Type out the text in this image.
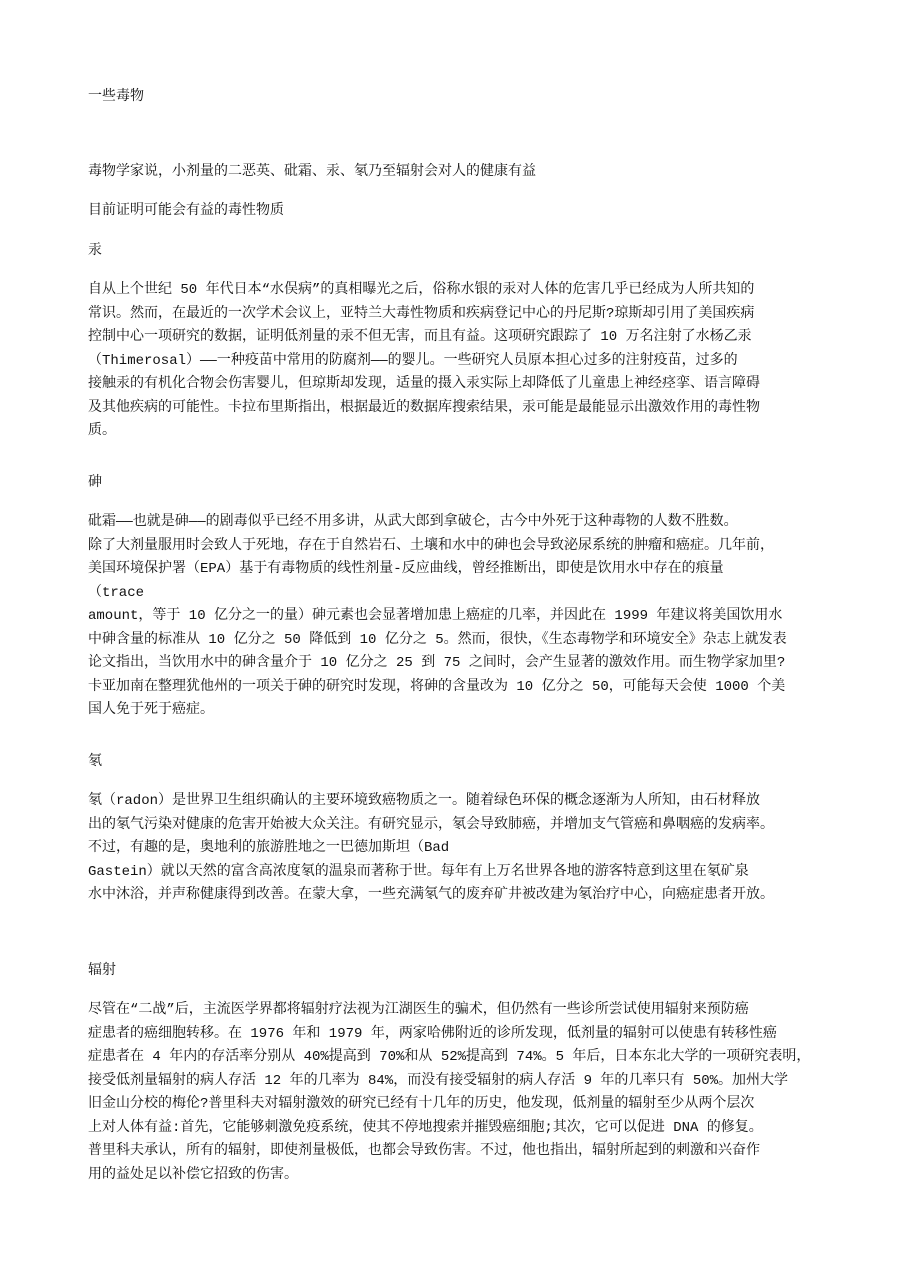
一些毒物
毒物学家说，小剂量的二恶英、砒霜、汞、氡乃至辐射会对人的健康有益
目前证明可能会有益的毒性物质
汞
自从上个世纪 50 年代日本“水俣病”的真相曝光之后，俗称水银的汞对人体的危害几乎已经成为人所共知的
常识。然而，在最近的一次学术会议上，亚特兰大毒性物质和疾病登记中心的丹尼斯?琼斯却引用了美国疾病
控制中心一项研究的数据，证明低剂量的汞不但无害，而且有益。这项研究跟踪了 10 万名注射了水杨乙汞
（Thimerosal）——一种疫苗中常用的防腐剂——的婴儿。一些研究人员原本担心过多的注射疫苗，过多的
接触汞的有机化合物会伤害婴儿，但琼斯却发现，适量的摄入汞实际上却降低了儿童患上神经痉挛、语言障碍
及其他疾病的可能性。卡拉布里斯指出，根据最近的数据库搜索结果，汞可能是最能显示出激效作用的毒性物
质。
砷
砒霜——也就是砷——的剧毒似乎已经不用多讲，从武大郎到拿破仑，古今中外死于这种毒物的人数不胜数。
除了大剂量服用时会致人于死地，存在于自然岩石、土壤和水中的砷也会导致泌尿系统的肿瘤和癌症。几年前，
美国环境保护署（EPA）基于有毒物质的线性剂量-反应曲线，曾经推断出，即使是饮用水中存在的痕量
（trace
amount，等于 10 亿分之一的量）砷元素也会显著增加患上癌症的几率，并因此在 1999 年建议将美国饮用水
中砷含量的标准从 10 亿分之 50 降低到 10 亿分之 5。然而，很快，《生态毒物学和环境安全》杂志上就发表
论文指出，当饮用水中的砷含量介于 10 亿分之 25 到 75 之间时，会产生显著的激效作用。而生物学家加里?
卡亚加南在整理犹他州的一项关于砷的研究时发现，将砷的含量改为 10 亿分之 50，可能每天会使 1000 个美
国人免于死于癌症。
氡
氡（radon）是世界卫生组织确认的主要环境致癌物质之一。随着绿色环保的概念逐渐为人所知，由石材释放
出的氡气污染对健康的危害开始被大众关注。有研究显示，氡会导致肺癌，并增加支气管癌和鼻咽癌的发病率。
不过，有趣的是，奥地利的旅游胜地之一巴德加斯坦（Bad
Gastein）就以天然的富含高浓度氡的温泉而著称于世。每年有上万名世界各地的游客特意到这里在氡矿泉
水中沐浴，并声称健康得到改善。在蒙大拿，一些充满氡气的废弃矿井被改建为氡治疗中心，向癌症患者开放。
辐射
尽管在“二战”后，主流医学界都将辐射疗法视为江湖医生的骗术，但仍然有一些诊所尝试使用辐射来预防癌
症患者的癌细胞转移。在 1976 年和 1979 年，两家哈佛附近的诊所发现，低剂量的辐射可以使患有转移性癌
症患者在 4 年内的存活率分别从 40%提高到 70%和从 52%提高到 74%。5 年后，日本东北大学的一项研究表明，
接受低剂量辐射的病人存活 12 年的几率为 84%，而没有接受辐射的病人存活 9 年的几率只有 50%。加州大学
旧金山分校的梅伦?普里科夫对辐射激效的研究已经有十几年的历史，他发现，低剂量的辐射至少从两个层次
上对人体有益:首先，它能够刺激免疫系统，使其不停地搜索并摧毁癌细胞;其次，它可以促进 DNA 的修复。
普里科夫承认，所有的辐射，即使剂量极低，也都会导致伤害。不过，他也指出，辐射所起到的刺激和兴奋作
用的益处足以补偿它招致的伤害。
